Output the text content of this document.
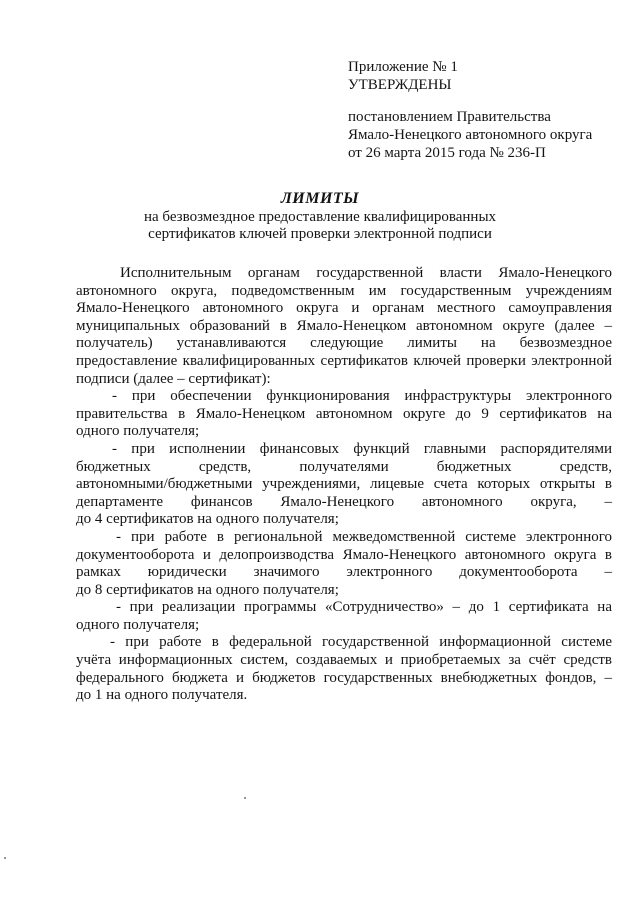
Приложение № 1
УТВЕРЖДЕНЫ
постановлением Правительства
Ямало-Ненецкого автономного округа
от 26 марта 2015 года № 236-П
ЛИМИТЫ
на безвозмездное предоставление квалифицированных
сертификатов ключей проверки электронной подписи
Исполнительным органам государственной власти Ямало-Ненецкого
автономного округа, подведомственным им государственным учреждениям
Ямало-Ненецкого автономного округа и органам местного самоуправления
муниципальных образований в Ямало-Ненецком автономном округе (далее –
получатель) устанавливаются следующие лимиты на безвозмездное
предоставление квалифицированных сертификатов ключей проверки электронной
подписи (далее – сертификат):
- при обеспечении функционирования инфраструктуры электронного
правительства в Ямало-Ненецком автономном округе до 9 сертификатов на
одного получателя;
- при исполнении финансовых функций главными распорядителями
бюджетных средств, получателями бюджетных средств,
автономными/бюджетными учреждениями, лицевые счета которых открыты в
департаменте финансов Ямало-Ненецкого автономного округа, –
до 4 сертификатов на одного получателя;
- при работе в региональной межведомственной системе электронного
документооборота и делопроизводства Ямало-Ненецкого автономного округа в
рамках юридически значимого электронного документооборота –
до 8 сертификатов на одного получателя;
- при реализации программы «Сотрудничество» – до 1 сертификата на
одного получателя;
- при работе в федеральной государственной информационной системе
учёта информационных систем, создаваемых и приобретаемых за счёт средств
федерального бюджета и бюджетов государственных внебюджетных фондов, –
до 1 на одного получателя.
